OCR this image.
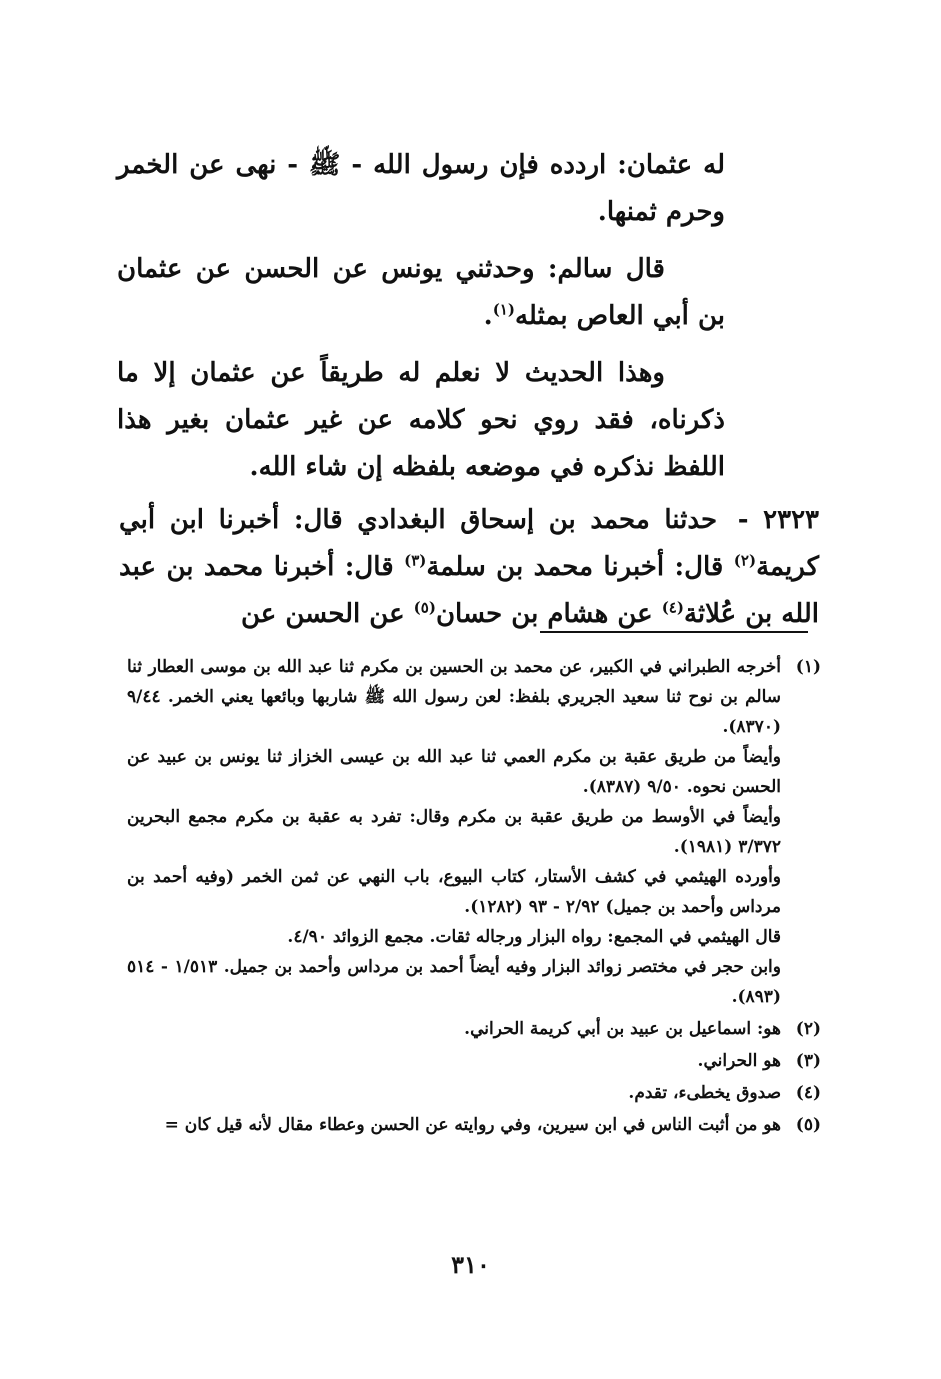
له عثمان: اردده فإن رسول الله - ﷺ - نهى عن الخمر وحرم ثمنها.

قال سالم: وحدثني يونس عن الحسن عن عثمان بن أبي العاص بمثله$^{(١)}$.

وهذا الحديث لا نعلم له طريقاً عن عثمان إلا ما ذكرناه، فقد روي نحو كلامه عن غير عثمان بغير هذا اللفظ نذكره في موضعه بلفظه إن شاء الله.

٢٣٢٣ - حدثنا محمد بن إسحاق البغدادي قال: أخبرنا ابن أبي كريمة$^{(٢)}$ قال: أخبرنا محمد بن سلمة$^{(٣)}$ قال: أخبرنا محمد بن عبد الله بن عُلاثة$^{(٤)}$ عن هشام بن حسان$^{(٥)}$ عن الحسن عن

(١)

أخرجه الطبراني في الكبير، عن محمد بن الحسين بن مكرم ثنا عبد الله بن موسى العطار ثنا سالم بن نوح ثنا سعيد الجريري بلفظ: لعن رسول الله ﷺ شاربها وبائعها يعني الخمر. ٩/٤٤ (٨٣٧٠).

وأيضاً من طريق عقبة بن مكرم العمي ثنا عبد الله بن عيسى الخزاز ثنا يونس بن عبيد عن الحسن نحوه. ٩/٥٠ (٨٣٨٧).

وأيضاً في الأوسط من طريق عقبة بن مكرم وقال: تفرد به عقبة بن مكرم مجمع البحرين ٣/٣٧٢ (١٩٨١).

وأورده الهيثمي في كشف الأستار، كتاب البيوع، باب النهي عن ثمن الخمر (وفيه أحمد بن مرداس وأحمد بن جميل) ٢/٩٢ - ٩٣ (١٢٨٢).

قال الهيثمي في المجمع: رواه البزار ورجاله ثقات. مجمع الزوائد ٤/٩٠.

وابن حجر في مختصر زوائد البزار وفيه أيضاً أحمد بن مرداس وأحمد بن جميل. ١/٥١٣ - ٥١٤ (٨٩٣).

(٢)

هو: اسماعيل بن عبيد بن أبي كريمة الحراني.

(٣)

هو الحراني.

(٤)

صدوق يخطىء، تقدم.

(٥)

هو من أثبت الناس في ابن سيرين، وفي روايته عن الحسن وعطاء مقال لأنه قيل كان =

٣١٠
